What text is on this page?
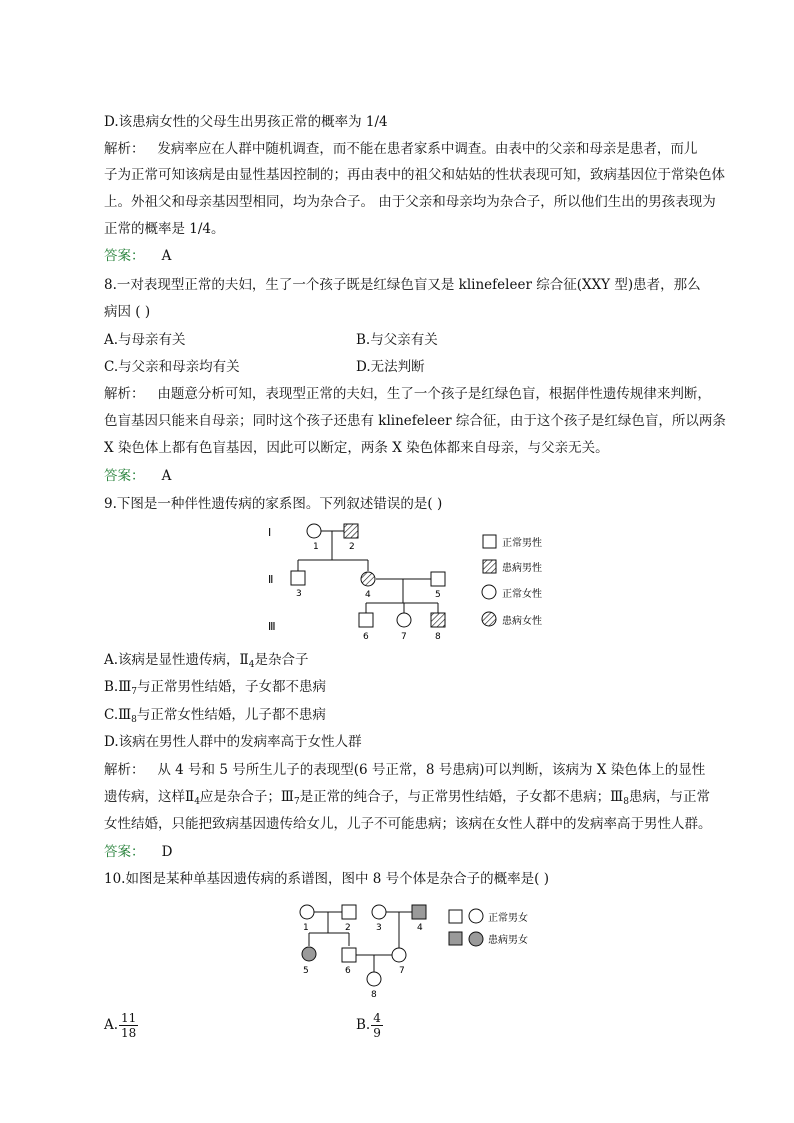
D.该患病女性的父母生出男孩正常的概率为 1/4
解析： 发病率应在人群中随机调查，而不能在患者家系中调查。由表中的父亲和母亲是患者，而儿
子为正常可知该病是由显性基因控制的；再由表中的祖父和姑姑的性状表现可知，致病基因位于常染色体
上。外祖父和母亲基因型相同，均为杂合子。 由于父亲和母亲均为杂合子，所以他们生出的男孩表现为
正常的概率是 1/4。
答案： A
8.一对表现型正常的夫妇，生了一个孩子既是红绿色盲又是 klinefeleer 综合征(XXY 型)患者，那么
病因 ( )
A.与母亲有关	B.与父亲有关
C.与父亲和母亲均有关	D.无法判断
解析： 由题意分析可知，表现型正常的夫妇，生了一个孩子是红绿色盲，根据伴性遗传规律来判断，
色盲基因只能来自母亲；同时这个孩子还患有 klinefeleer 综合征，由于这个孩子是红绿色盲，所以两条
X 染色体上都有色盲基因，因此可以断定，两条 X 染色体都来自母亲，与父亲无关。
答案： A
9.下图是一种伴性遗传病的家系图。下列叙述错误的是( )
Ⅰ
Ⅱ
Ⅲ
1	2
3	4	5
6	7	8
正常男性
患病男性
正常女性
患病女性
A.该病是显性遗传病，$Ⅱ_4$是杂合子
$B.Ⅲ_7$与正常男性结婚，子女都不患病
$C.Ⅲ_8$与正常女性结婚，儿子都不患病
D.该病在男性人群中的发病率高于女性人群
解析： 从 4 号和 5 号所生儿子的表现型(6 号正常，8 号患病)可以判断，该病为 X 染色体上的显性
遗传病，这样$Ⅱ_4$应是杂合子；$Ⅲ_7$是正常的纯合子，与正常男性结婚，子女都不患病；$Ⅲ_8$患病，与正常
女性结婚，只能把致病基因遗传给女儿，儿子不可能患病；该病在女性人群中的发病率高于男性人群。
答案： D
10.如图是某种单基因遗传病的系谱图，图中 8 号个体是杂合子的概率是( )
1	2	3	4
5	6	7
8
正常男女
患病男女
A. $\frac{11}{18}$	B. $\frac{4}{9}$
